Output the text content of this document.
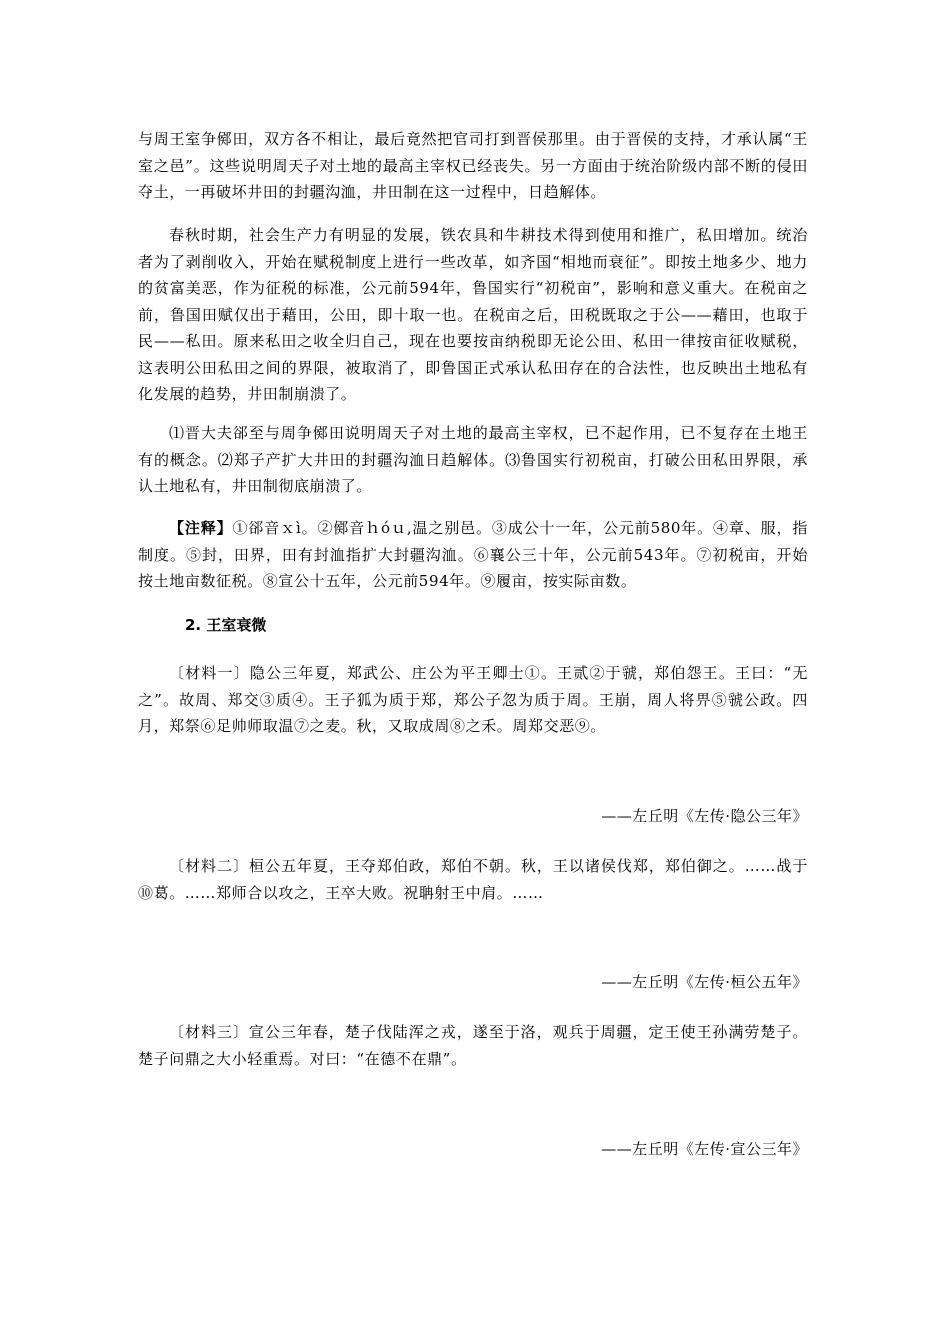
与周王室争鄇田，双方各不相让，最后竟然把官司打到晋侯那里。由于晋侯的支持，才承认属“王室之邑”。这些说明周天子对土地的最高主宰权已经丧失。另一方面由于统治阶级内部不断的侵田夺土，一再破坏井田的封疆沟洫，井田制在这一过程中，日趋解体。

春秋时期，社会生产力有明显的发展，铁农具和牛耕技术得到使用和推广，私田增加。统治者为了剥削收入，开始在赋税制度上进行一些改革，如齐国“相地而衰征”。即按土地多少、地力的贫富美恶，作为征税的标准，公元前594年，鲁国实行“初税亩”，影响和意义重大。在税亩之前，鲁国田赋仅出于藉田，公田，即十取一也。在税亩之后，田税既取之于公——藉田，也取于民——私田。原来私田之收全归自己，现在也要按亩纳税即无论公田、私田一律按亩征收赋税，这表明公田私田之间的界限，被取消了，即鲁国正式承认私田存在的合法性，也反映出土地私有化发展的趋势，井田制崩溃了。

⑴晋大夫郤至与周争鄇田说明周天子对土地的最高主宰权，已不起作用，已不复存在土地王有的概念。⑵郑子产扩大井田的封疆沟洫日趋解体。⑶鲁国实行初税亩，打破公田私田界限，承认土地私有，井田制彻底崩溃了。

【注释】①郤音ｘì。②鄇音ｈóｕ,温之别邑。③成公十一年，公元前580年。④章、服，指制度。⑤封，田界，田有封洫指扩大封疆沟洫。⑥襄公三十年，公元前543年。⑦初税亩，开始按土地亩数征税。⑧宣公十五年，公元前594年。⑨履亩，按实际亩数。

2. 王室衰微

〔材料一〕隐公三年夏，郑武公、庄公为平王卿士①。王贰②于虢，郑伯怨王。王曰：“无之”。故周、郑交③质④。王子狐为质于郑，郑公子忽为质于周。王崩，周人将畀⑤虢公政。四月，郑祭⑥足帅师取温⑦之麦。秋，又取成周⑧之禾。周郑交恶⑨。

——左丘明《左传·隐公三年》

〔材料二〕桓公五年夏，王夺郑伯政，郑伯不朝。秋，王以诸侯伐郑，郑伯御之。……战于⑩葛。……郑师合以攻之，王卒大败。祝聃射王中肩。……

——左丘明《左传·桓公五年》

〔材料三〕宣公三年春，楚子伐陆浑之戎，遂至于洛，观兵于周疆，定王使王孙满劳楚子。楚子问鼎之大小轻重焉。对曰：“在德不在鼎”。

——左丘明《左传·宣公三年》
